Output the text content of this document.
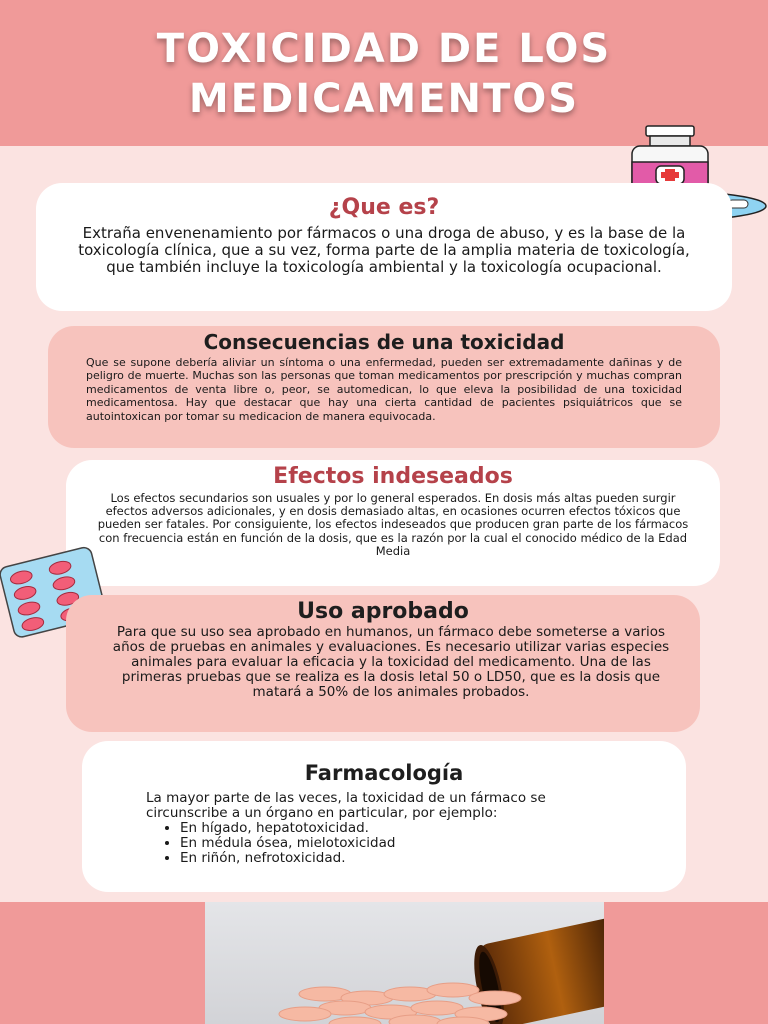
TOXICIDAD DE LOS MEDICAMENTOS
¿Que es?

Extraña envenenamiento por fármacos o una droga de abuso, y es la base de la toxicología clínica, que a su vez, forma parte de la amplia materia de toxicología, que también incluye la toxicología ambiental y la toxicología ocupacional.

Consecuencias de una toxicidad

Que se supone debería aliviar un síntoma o una enfermedad, pueden ser extremadamente dañinas y de peligro de muerte. Muchas son las personas que toman medicamentos por prescripción y muchas compran medicamentos de venta libre o, peor, se automedican, lo que eleva la posibilidad de una toxicidad medicamentosa. Hay que destacar que hay una cierta cantidad de pacientes psiquiátricos que se autointoxican por tomar su medicacion de manera equivocada.

Efectos indeseados

Los efectos secundarios son usuales y por lo general esperados. En dosis más altas pueden surgir efectos adversos adicionales, y en dosis demasiado altas, en ocasiones ocurren efectos tóxicos que pueden ser fatales. Por consiguiente, los efectos indeseados que producen gran parte de los fármacos con frecuencia están en función de la dosis, que es la razón por la cual el conocido médico de la Edad Media

Uso aprobado

Para que su uso sea aprobado en humanos, un fármaco debe someterse a varios años de pruebas en animales y evaluaciones. Es necesario utilizar varias especies animales para evaluar la eficacia y la toxicidad del medicamento. Una de las primeras pruebas que se realiza es la dosis letal 50 o LD50, que es la dosis que matará a 50% de los animales probados.

Farmacología

La mayor parte de las veces, la toxicidad de un fármaco se circunscribe a un órgano en particular, por ejemplo:

• En hígado, hepatotoxicidad.
• En médula ósea, mielotoxicidad
• En riñón, nefrotoxicidad.
